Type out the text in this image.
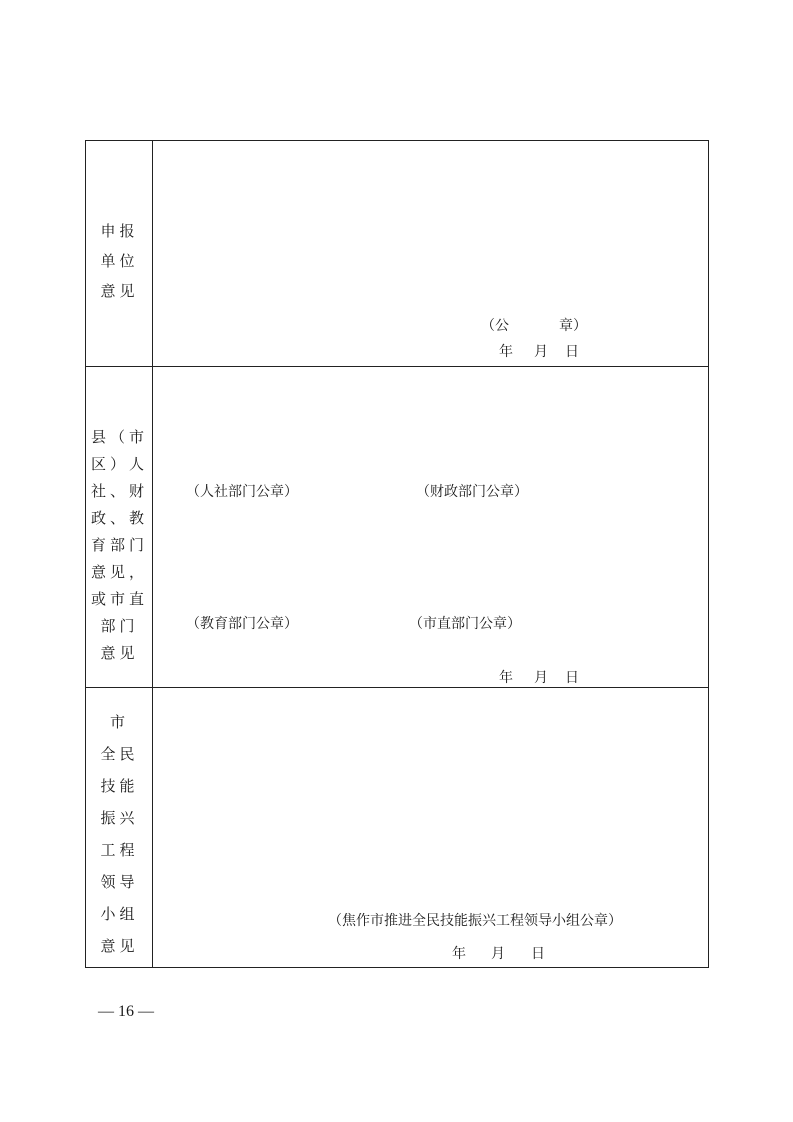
申报
单位
意见
（公	章）
年 月 日
县（市
区）人
社、财
政、教
育部门
意见，
或市直
部门
意见
（人社部门公章）	（财政部门公章）
（教育部门公章）	（市直部门公章）
年 月 日
市
全民
技能
振兴
工程
领导
小组
意见
（焦作市推进全民技能振兴工程领导小组公章）
年 月 日
— 16 —
